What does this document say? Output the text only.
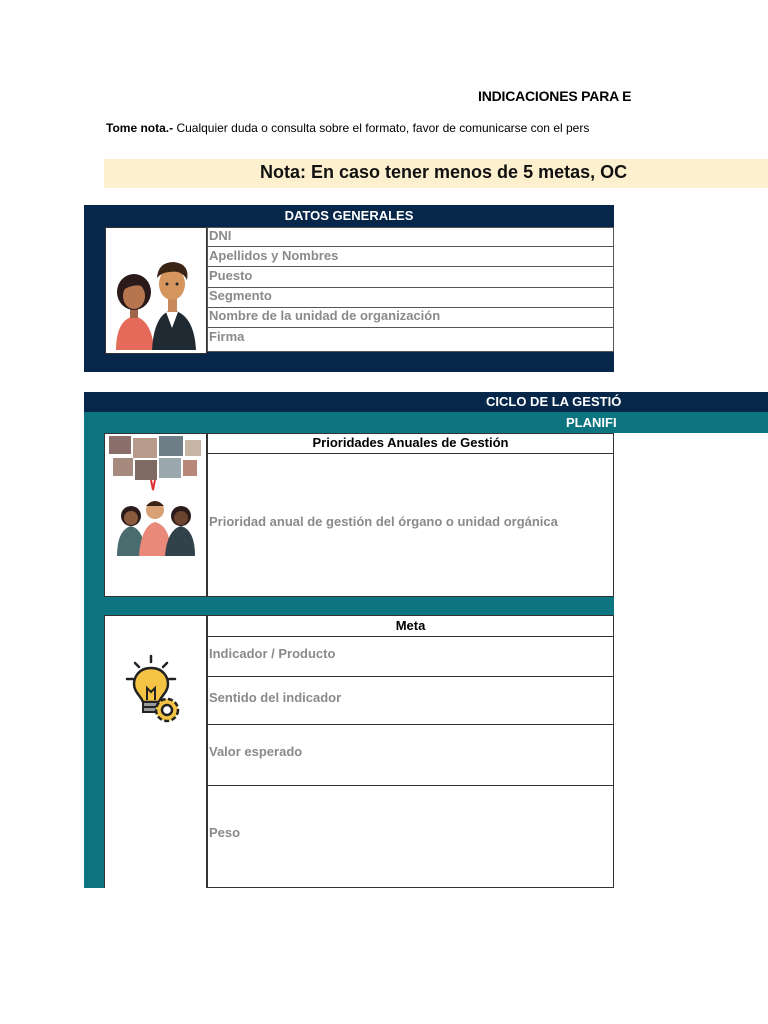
INDICACIONES PARA E
Tome nota.- Cualquier duda o consulta sobre el formato, favor de comunicarse con el pers
Nota: En caso tener menos de 5 metas, OC
DATOS GENERALES
DNI
Apellidos y Nombres
Puesto
Segmento
Nombre de la unidad de organización
Firma
CICLO DE LA GESTIÓ
PLANIFI
Prioridades Anuales de Gestión
Prioridad anual de gestión del órgano o unidad orgánica
Meta
Indicador / Producto
Sentido del indicador
Valor esperado
Peso
